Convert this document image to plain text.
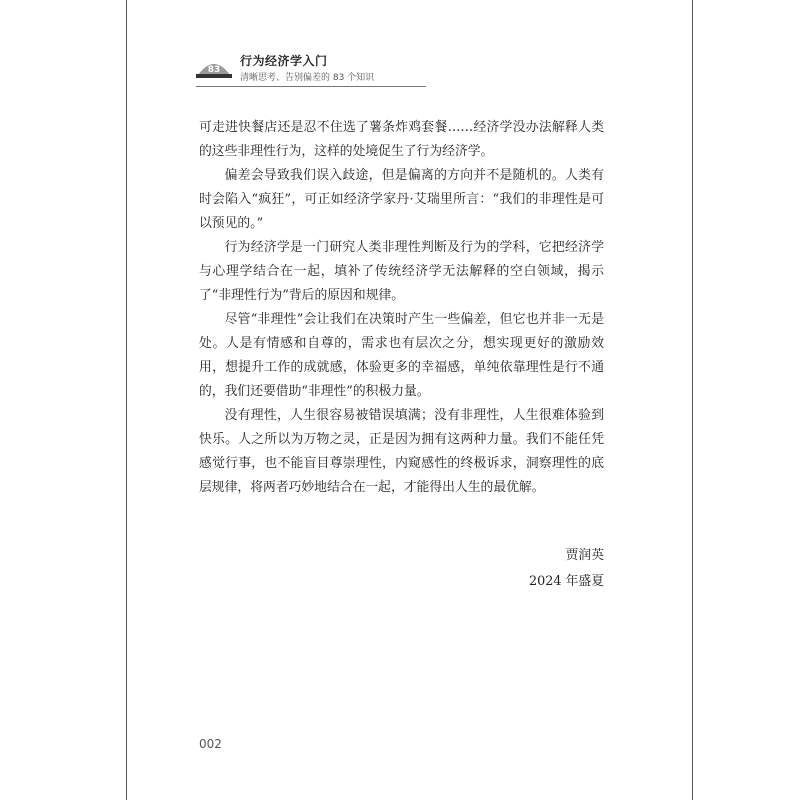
83
行为经济学入门
清晰思考、告别偏差的 83 个知识

可走进快餐店还是忍不住选了薯条炸鸡套餐……经济学没办法解释人类的这些非理性行为，这样的处境促生了行为经济学。

偏差会导致我们误入歧途，但是偏离的方向并不是随机的。人类有时会陷入“疯狂”，可正如经济学家丹·艾瑞里所言：“我们的非理性是可以预见的。”

行为经济学是一门研究人类非理性判断及行为的学科，它把经济学与心理学结合在一起，填补了传统经济学无法解释的空白领域，揭示了“非理性行为”背后的原因和规律。

尽管“非理性”会让我们在决策时产生一些偏差，但它也并非一无是处。人是有情感和自尊的，需求也有层次之分，想实现更好的激励效用，想提升工作的成就感，体验更多的幸福感，单纯依靠理性是行不通的，我们还要借助“非理性”的积极力量。

没有理性，人生很容易被错误填满；没有非理性，人生很难体验到快乐。人之所以为万物之灵，正是因为拥有这两种力量。我们不能任凭感觉行事，也不能盲目尊崇理性，内窥感性的终极诉求，洞察理性的底层规律，将两者巧妙地结合在一起，才能得出人生的最优解。

贾润英
2024 年盛夏
002
